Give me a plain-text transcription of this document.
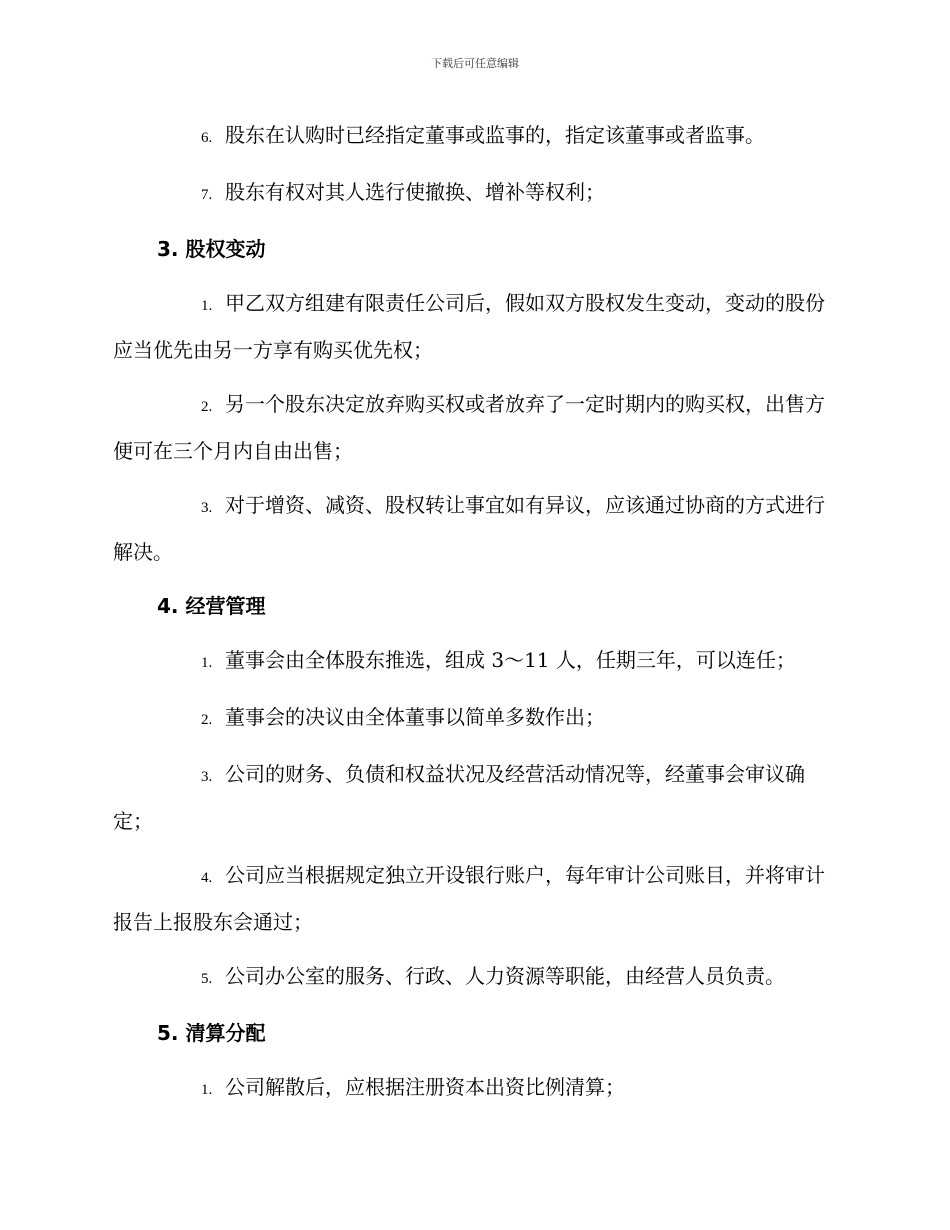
下载后可任意编辑

6. 股东在认购时已经指定董事或监事的，指定该董事或者监事。

7. 股东有权对其人选行使撤换、增补等权利；

3. 股权变动

1. 甲乙双方组建有限责任公司后，假如双方股权发生变动，变动的股份应当优先由另一方享有购买优先权；

2. 另一个股东决定放弃购买权或者放弃了一定时期内的购买权，出售方便可在三个月内自由出售；

3. 对于增资、减资、股权转让事宜如有异议，应该通过协商的方式进行解决。

4. 经营管理

1. 董事会由全体股东推选，组成 3～11 人，任期三年，可以连任；

2. 董事会的决议由全体董事以简单多数作出；

3. 公司的财务、负债和权益状况及经营活动情况等，经董事会审议确定；

4. 公司应当根据规定独立开设银行账户，每年审计公司账目，并将审计报告上报股东会通过；

5. 公司办公室的服务、行政、人力资源等职能，由经营人员负责。

5. 清算分配

1. 公司解散后，应根据注册资本出资比例清算；
